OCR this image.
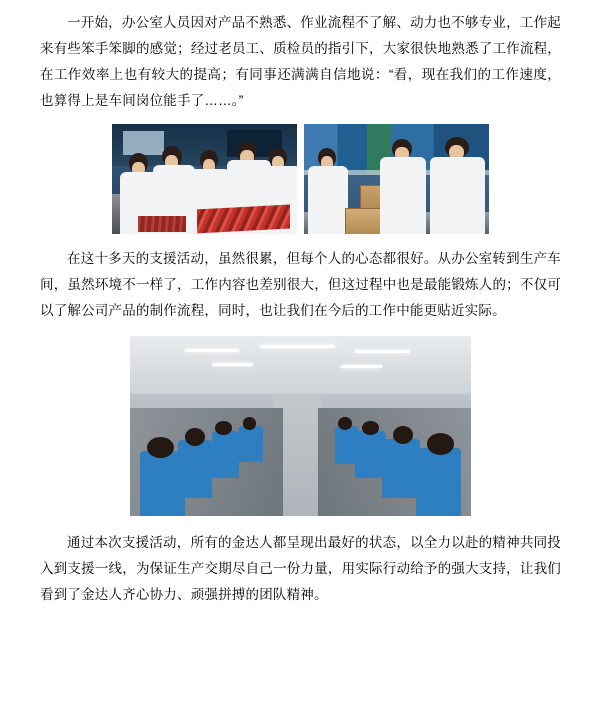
一开始，办公室人员因对产品不熟悉、作业流程不了解、动力也不够专业，工作起来有些笨手笨脚的感觉；经过老员工、质检员的指引下，大家很快地熟悉了工作流程，在工作效率上也有较大的提高；有同事还满满自信地说：“看，现在我们的工作速度，也算得上是车间岗位能手了……。”

在这十多天的支援活动，虽然很累，但每个人的心态都很好。从办公室转到生产车间，虽然环境不一样了，工作内容也差别很大，但这过程中也是最能锻炼人的；不仅可以了解公司产品的制作流程，同时，也让我们在今后的工作中能更贴近实际。

通过本次支援活动，所有的金达人都呈现出最好的状态，以全力以赴的精神共同投入到支援一线，为保证生产交期尽自己一份力量，用实际行动给予的强大支持，让我们看到了金达人齐心协力、顽强拼搏的团队精神。
